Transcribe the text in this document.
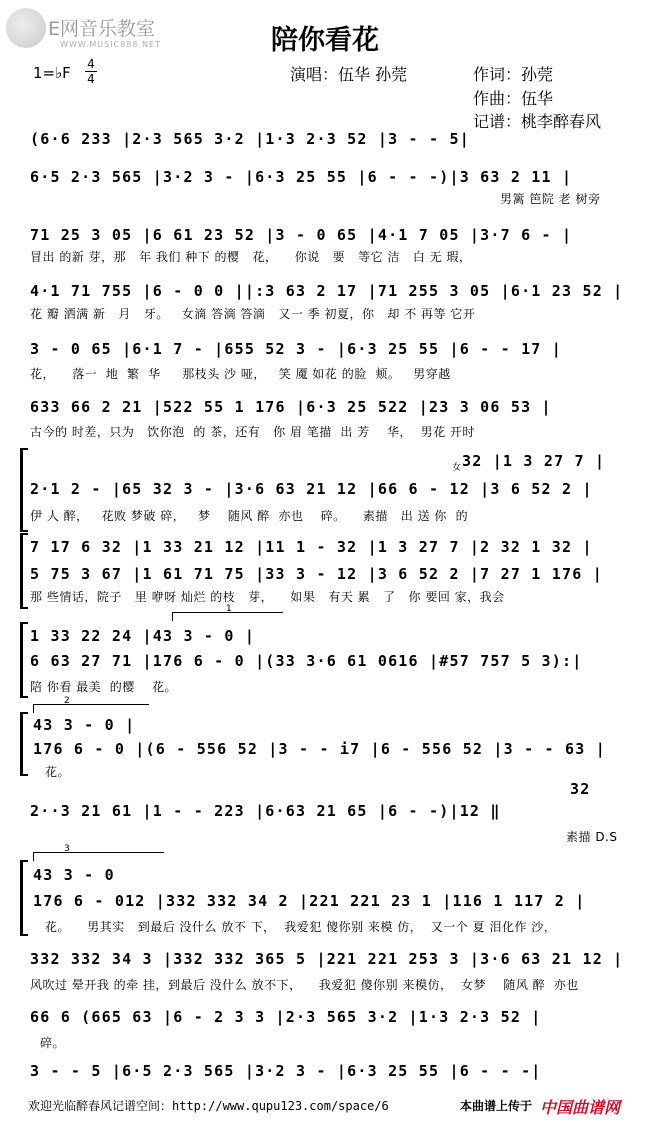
E网音乐教室
WWW.MUSIC888.NET	陪你看花
演唱：伍华 孙莞	作词：孙莞
作曲：伍华
记谱：桃李醉春风
1=♭F 4
4
(6·6 233 |2·3 565 3·2 |1·3 2·3 52 |3 - - 5|
6·5 2·3 565 |3·2 3 - |6·3 25 55 |6 - - -)|3 63 2 11 |
男篱 笆院 老 树旁
71 25 3 05 |6 61 23 52 |3 - 0 65 |4·1 7 05 |3·7 6 - |
冒出 的新 芽，那   年 我们 种下 的樱   花，    你说   要   等它 洁   白 无 瑕，
4·1 71 755 |6 - 0 0 ||:3 63 2 17 |71 255 3 05 |6·1 23 52 |
花 瓣 洒满 新   月   牙。   女滴 答滴 答滴   又一 季 初夏，你   却 不 再等 它开
3 - 0 65 |6·1 7 - |655 52 3 - |6·3 25 55 |6 - - 17 |
花，    落一  地  繁  华     那枝头 沙 哑，   笑 魇 如花 的脸  颊。   男穿越
633 66 2 21 |522 55 1 176 |6·3 25 522 |23 3 06 53 |
古今的 时差，只为   饮你泡  的 茶，还有   你 眉 笔描  出 芳    华，  男花 开时
32 |1 3 27 7 |
女
2·1 2 - |65 32 3 - |3·6 63 21 12 |66 6 - 12 |3 6 52 2 |
伊 人 醉，   花败 梦破 碎，   梦    随风 醉  亦也    碎。    素描   出 送 你  的
7 17 6 32 |1 33 21 12 |11 1 - 32 |1 3 27 7 |2 32 1 32 |
5 75 3 67 |1 61 71 75 |33 3 - 12 |3 6 52 2 |7 27 1 176 |
那 些情话，院子   里 咿呀 灿烂 的枝   芽，    如果   有天 累   了   你 要回 家，我会
1
1 33 22 24 |43 3 - 0 |
6 63 27 71 |176 6 - 0 |(33 3·6 61 0616 |#57 757 5 3):|
陪 你看 最美  的樱    花。
2
43 3 - 0 |
176 6 - 0 |(6 - 556 52 |3 - - i7 |6 - 556 52 |3 - - 63 |
花。
32
2··3 21 61 |1 - - 223 |6·63 21 65 |6 - -)|12 ‖
素描 D.S
3
43 3 - 0
176 6 - 012 |332 332 34 2 |221 221 23 1 |116 1 117 2 |
花。    男其实   到最后 没什么 放不 下，  我爱犯 傻你别 来模 仿，  又一个 夏 泪化作 沙，
332 332 34 3 |332 332 365 5 |221 221 253 3 |3·6 63 21 12 |
风吹过 晕开我 的牵 挂，到最后 没什么 放不下，    我爱犯 傻你别 来模仿，  女梦    随风 醉  亦也
66 6 (665 63 |6 - 2 3 3 |2·3 565 3·2 |1·3 2·3 52 |
碎。
3 - - 5 |6·5 2·3 565 |3·2 3 - |6·3 25 55 |6 - - -|
欢迎光临醉春风记谱空间：http://www.qupu123.com/space/6	本曲谱上传于 中国曲谱网
